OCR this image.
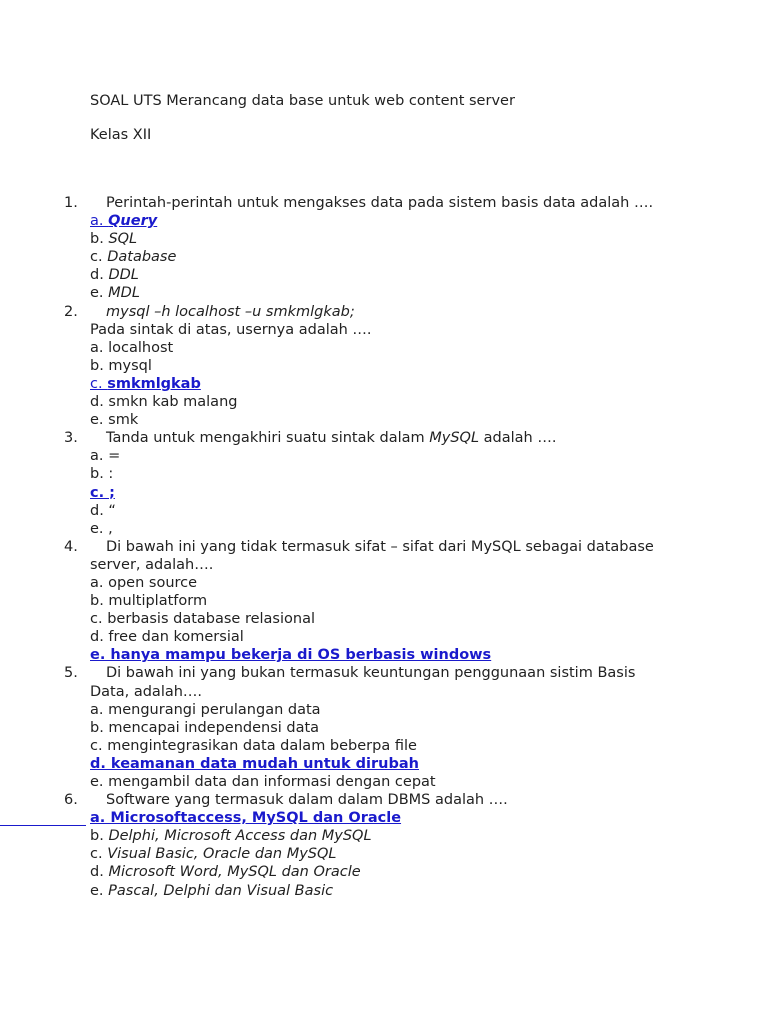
SOAL UTS Merancang data base untuk web content server
Kelas XII
1. Perintah-perintah untuk mengakses data pada sistem basis data adalah ….
a. Query
b. SQL
c. Database
d. DDL
e. MDL
2. mysql –h localhost –u smkmlgkab;
Pada sintak di atas, usernya adalah ….
a. localhost
b. mysql
c. smkmlgkab
d. smkn kab malang
e. smk
3. Tanda untuk mengakhiri suatu sintak dalam MySQL adalah ….
a. =
b. :
c. ;
d. “
e. ,
4. Di bawah ini yang tidak termasuk sifat – sifat dari MySQL sebagai database
server, adalah….
a. open source
b. multiplatform
c. berbasis database relasional
d. free dan komersial
e. hanya mampu bekerja di OS berbasis windows
5. Di bawah ini yang bukan termasuk keuntungan penggunaan sistim Basis
Data, adalah….
a. mengurangi perulangan data
b. mencapai independensi data
c. mengintegrasikan data dalam beberpa file
d. keamanan data mudah untuk dirubah
e. mengambil data dan informasi dengan cepat
6. Software yang termasuk dalam dalam DBMS adalah ….
a. Microsoftaccess, MySQL dan Oracle
b. Delphi, Microsoft Access dan MySQL
c. Visual Basic, Oracle dan MySQL
d. Microsoft Word, MySQL dan Oracle
e. Pascal, Delphi dan Visual Basic
